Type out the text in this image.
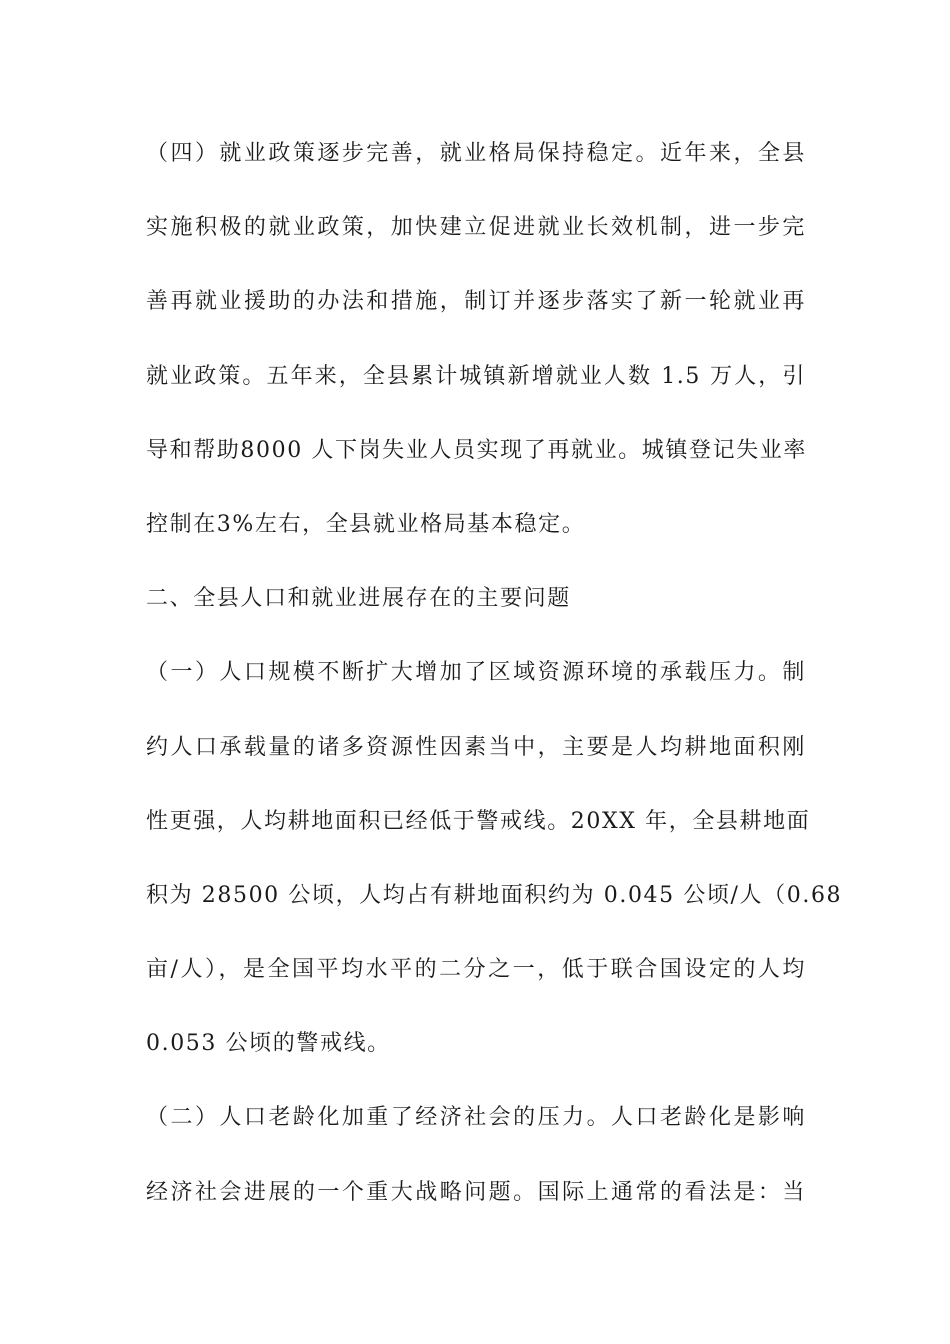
（四）就业政策逐步完善，就业格局保持稳定。近年来，全县
实施积极的就业政策，加快建立促进就业长效机制，进一步完
善再就业援助的办法和措施，制订并逐步落实了新一轮就业再
就业政策。五年来，全县累计城镇新增就业人数 1.5 万人，引
导和帮助8000 人下岗失业人员实现了再就业。城镇登记失业率
控制在3%左右，全县就业格局基本稳定。
二、全县人口和就业进展存在的主要问题
（一）人口规模不断扩大增加了区域资源环境的承载压力。制
约人口承载量的诸多资源性因素当中，主要是人均耕地面积刚
性更强，人均耕地面积已经低于警戒线。20XX 年，全县耕地面
积为 28500 公顷，人均占有耕地面积约为 0.045 公顷/人（0.68
亩/人），是全国平均水平的二分之一，低于联合国设定的人均
0.053 公顷的警戒线。
（二）人口老龄化加重了经济社会的压力。人口老龄化是影响
经济社会进展的一个重大战略问题。国际上通常的看法是：当
